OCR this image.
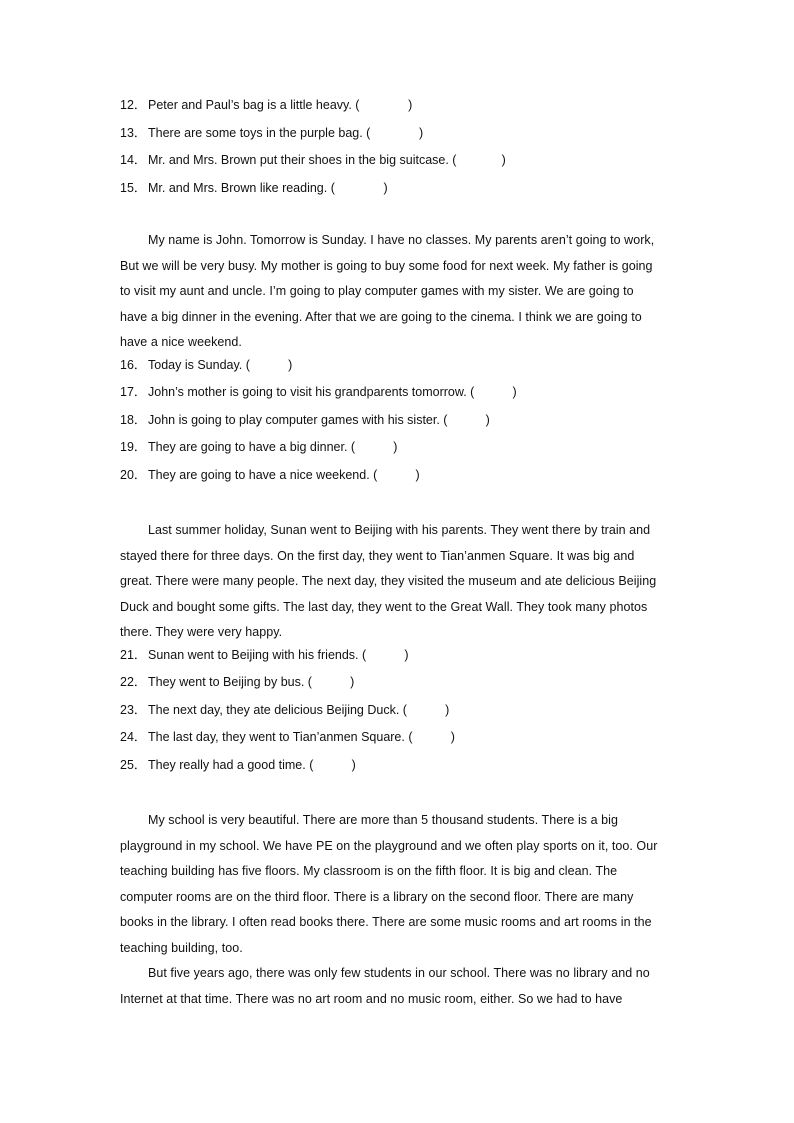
12． Peter and Paul’s bag is a little heavy. (              )
13． There are some toys in the purple bag. (              )
14． Mr. and Mrs. Brown put their shoes in the big suitcase. (             )
15． Mr. and Mrs. Brown like reading. (              )

My name is John. Tomorrow is Sunday. I have no classes. My parents aren’t going to work,
But we will be very busy. My mother is going to buy some food for next week. My father is going
to visit my aunt and uncle. I’m going to play computer games with my sister. We are going to
have a big dinner in the evening. After that we are going to the cinema. I think we are going to
have a nice weekend.

16． Today is Sunday. (           )
17． John’s mother is going to visit his grandparents tomorrow. (           )
18． John is going to play computer games with his sister. (           )
19． They are going to have a big dinner. (           )
20． They are going to have a nice weekend. (           )

Last summer holiday, Sunan went to Beijing with his parents. They went there by train and
stayed there for three days. On the first day, they went to Tian’anmen Square. It was big and
great. There were many people. The next day, they visited the museum and ate delicious Beijing
Duck and bought some gifts. The last day, they went to the Great Wall. They took many photos
there. They were very happy.

21． Sunan went to Beijing with his friends. (           )
22． They went to Beijing by bus. (           )
23． The next day, they ate delicious Beijing Duck. (           )
24． The last day, they went to Tian’anmen Square. (           )
25． They really had a good time. (           )

My school is very beautiful. There are more than 5 thousand students. There is a big
playground in my school. We have PE on the playground and we often play sports on it, too. Our
teaching building has five floors. My classroom is on the fifth floor. It is big and clean. The
computer rooms are on the third floor. There is a library on the second floor. There are many
books in the library. I often read books there. There are some music rooms and art rooms in the
teaching building, too.

But five years ago, there was only few students in our school. There was no library and no
Internet at that time. There was no art room and no music room, either. So we had to have
